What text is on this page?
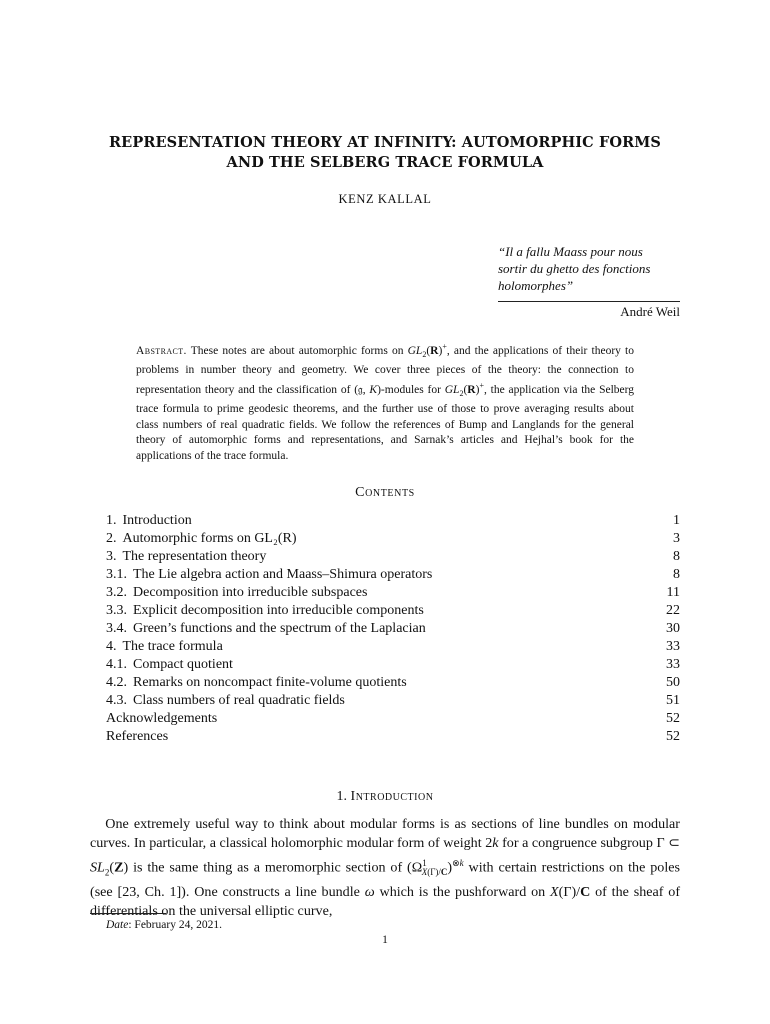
REPRESENTATION THEORY AT INFINITY: AUTOMORPHIC FORMS
AND THE SELBERG TRACE FORMULA
KENZ KALLAL
“Il a fallu Maass pour nous
sortir du ghetto des fonctions
holomorphes”
André Weil
Abstract. These notes are about automorphic forms on $GL_2(R)^+$, and the applications of their theory to problems in number theory and geometry. We cover three pieces of the theory: the connection to representation theory and the classification of (𝔤, K)-modules for $GL_2(R)^+$, the application via the Selberg trace formula to prime geodesic theorems, and the further use of those to prove averaging results about class numbers of real quadratic fields. We follow the references of Bump and Langlands for the general theory of automorphic forms and representations, and Sarnak’s articles and Hejhal’s book for the applications of the trace formula.
Contents
1. Introduction	1
2. Automorphic forms on GL₂(R)	3
3. The representation theory	8
3.1. The Lie algebra action and Maass–Shimura operators	8
3.2. Decomposition into irreducible subspaces	11
3.3. Explicit decomposition into irreducible components	22
3.4. Green’s functions and the spectrum of the Laplacian	30
4. The trace formula	33
4.1. Compact quotient	33
4.2. Remarks on noncompact finite-volume quotients	50
4.3. Class numbers of real quadratic fields	51
Acknowledgements	52
References	52
1. Introduction
One extremely useful way to think about modular forms is as sections of line bundles on modular curves. In particular, a classical holomorphic modular form of weight 2k for a congruence subgroup Γ ⊂ $SL_2(Z)$ is the same thing as a meromorphic section of $(\Omega^1_{X(\Gamma)/C})^{\otimes k}$ with certain restrictions on the poles (see [23, Ch. 1]). One constructs a line bundle ω which is the pushforward on X(Γ)/C of the sheaf of differentials on the universal elliptic curve,
Date: February 24, 2021.
1
